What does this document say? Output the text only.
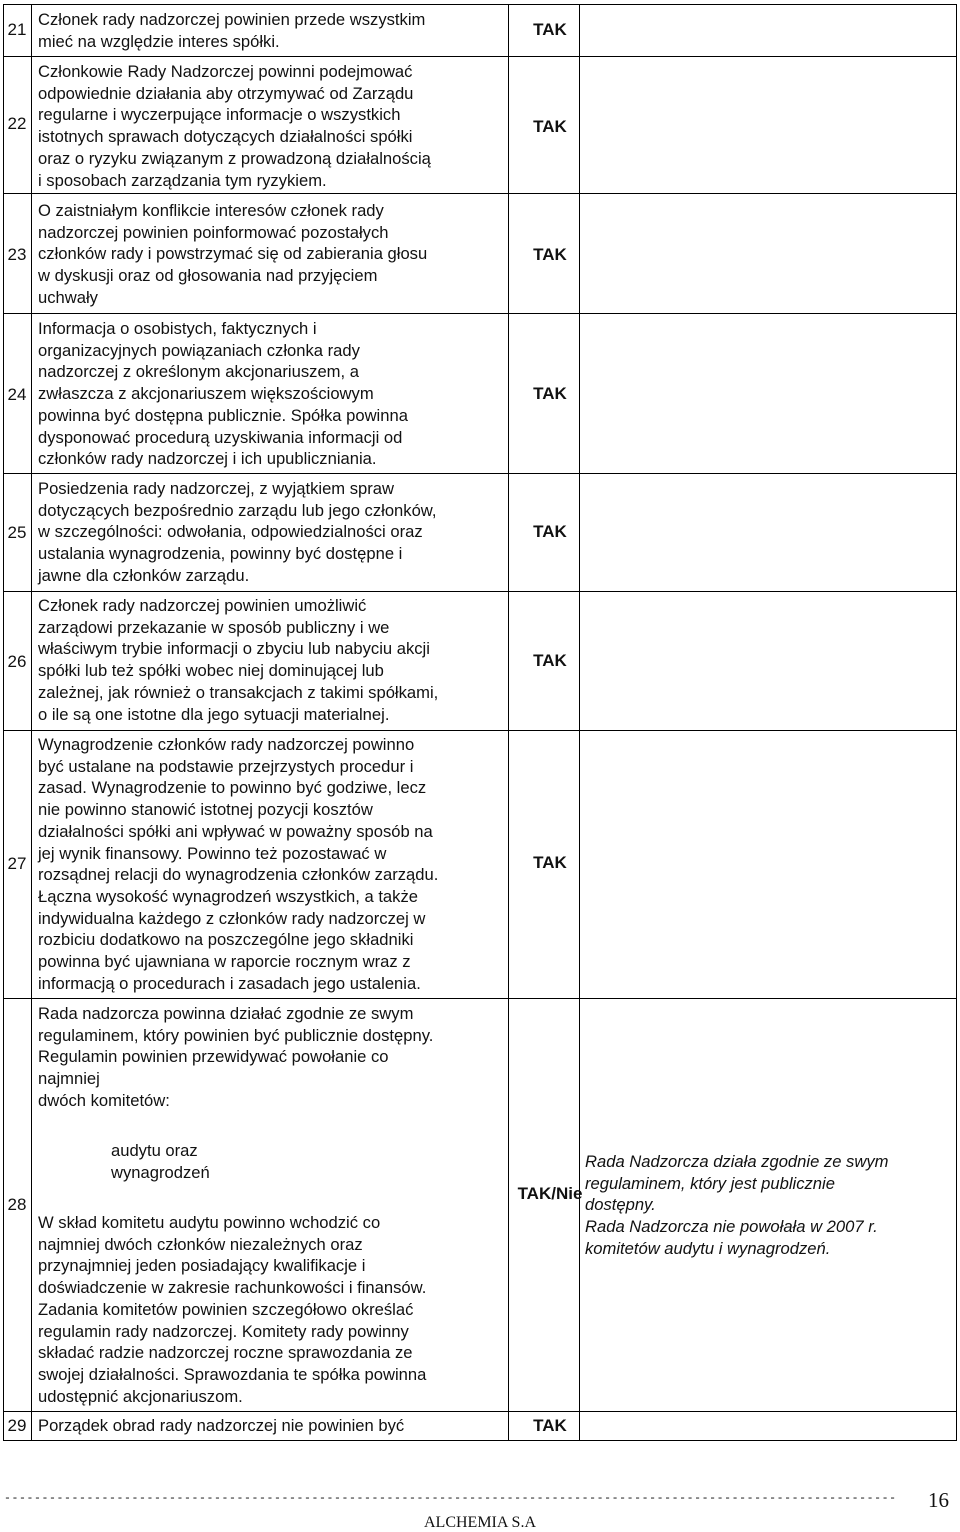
21
Członek rady nadzorczej powinien przede wszystkim
mieć na względzie interes spółki.
TAK
22
Członkowie Rady Nadzorczej powinni podejmować
odpowiednie działania aby otrzymywać od Zarządu
regularne i wyczerpujące informacje o wszystkich
istotnych sprawach dotyczących działalności spółki
oraz o ryzyku związanym z prowadzoną działalnością
i sposobach zarządzania tym ryzykiem.
TAK
23
O zaistniałym konflikcie interesów członek rady
nadzorczej powinien poinformować pozostałych
członków rady i powstrzymać się od zabierania głosu
w dyskusji oraz od głosowania nad przyjęciem
uchwały
TAK
24
Informacja o osobistych, faktycznych i
organizacyjnych powiązaniach członka rady
nadzorczej z określonym akcjonariuszem, a
zwłaszcza z akcjonariuszem większościowym
powinna być dostępna publicznie. Spółka powinna
dysponować procedurą uzyskiwania informacji od
członków rady nadzorczej i ich upubliczniania.
TAK
25
Posiedzenia rady nadzorczej, z wyjątkiem spraw
dotyczących bezpośrednio zarządu lub jego członków,
w szczególności: odwołania, odpowiedzialności oraz
ustalania wynagrodzenia, powinny być dostępne i
jawne dla członków zarządu.
TAK
26
Członek rady nadzorczej powinien umożliwić
zarządowi przekazanie w sposób publiczny i we
właściwym trybie informacji o zbyciu lub nabyciu akcji
spółki lub też spółki wobec niej dominującej lub
zależnej, jak również o transakcjach z takimi spółkami,
o ile są one istotne dla jego sytuacji materialnej.
TAK
27
Wynagrodzenie członków rady nadzorczej powinno
być ustalane na podstawie przejrzystych procedur i
zasad. Wynagrodzenie to powinno być godziwe, lecz
nie powinno stanowić istotnej pozycji kosztów
działalności spółki ani wpływać w poważny sposób na
jej wynik finansowy. Powinno też pozostawać w
rozsądnej relacji do wynagrodzenia członków zarządu.
Łączna wysokość wynagrodzeń wszystkich, a także
indywidualna każdego z członków rady nadzorczej w
rozbiciu dodatkowo na poszczególne jego składniki
powinna być ujawniana w raporcie rocznym wraz z
informacją o procedurach i zasadach jego ustalenia.
TAK
28
Rada nadzorcza powinna działać zgodnie ze swym
regulaminem, który powinien być publicznie dostępny.
Regulamin powinien przewidywać powołanie co
najmniej
dwóch komitetów:
audytu oraz
wynagrodzeń
W skład komitetu audytu powinno wchodzić co
najmniej dwóch członków niezależnych oraz
przynajmniej jeden posiadający kwalifikacje i
doświadczenie w zakresie rachunkowości i finansów.
Zadania komitetów powinien szczegółowo określać
regulamin rady nadzorczej. Komitety rady powinny
składać radzie nadzorczej roczne sprawozdania ze
swojej działalności. Sprawozdania te spółka powinna
udostępnić akcjonariuszom.
TAK/Nie
Rada Nadzorcza działa zgodnie ze swym
regulaminem, który jest publicznie
dostępny.
Rada Nadzorcza nie powołała w 2007 r.
komitetów audytu i wynagrodzeń.
29 Porządek obrad rady nadzorczej nie powinien być	TAK
-----------------------------------------------------------------------------------------------------------------------	16
ALCHEMIA S.A
